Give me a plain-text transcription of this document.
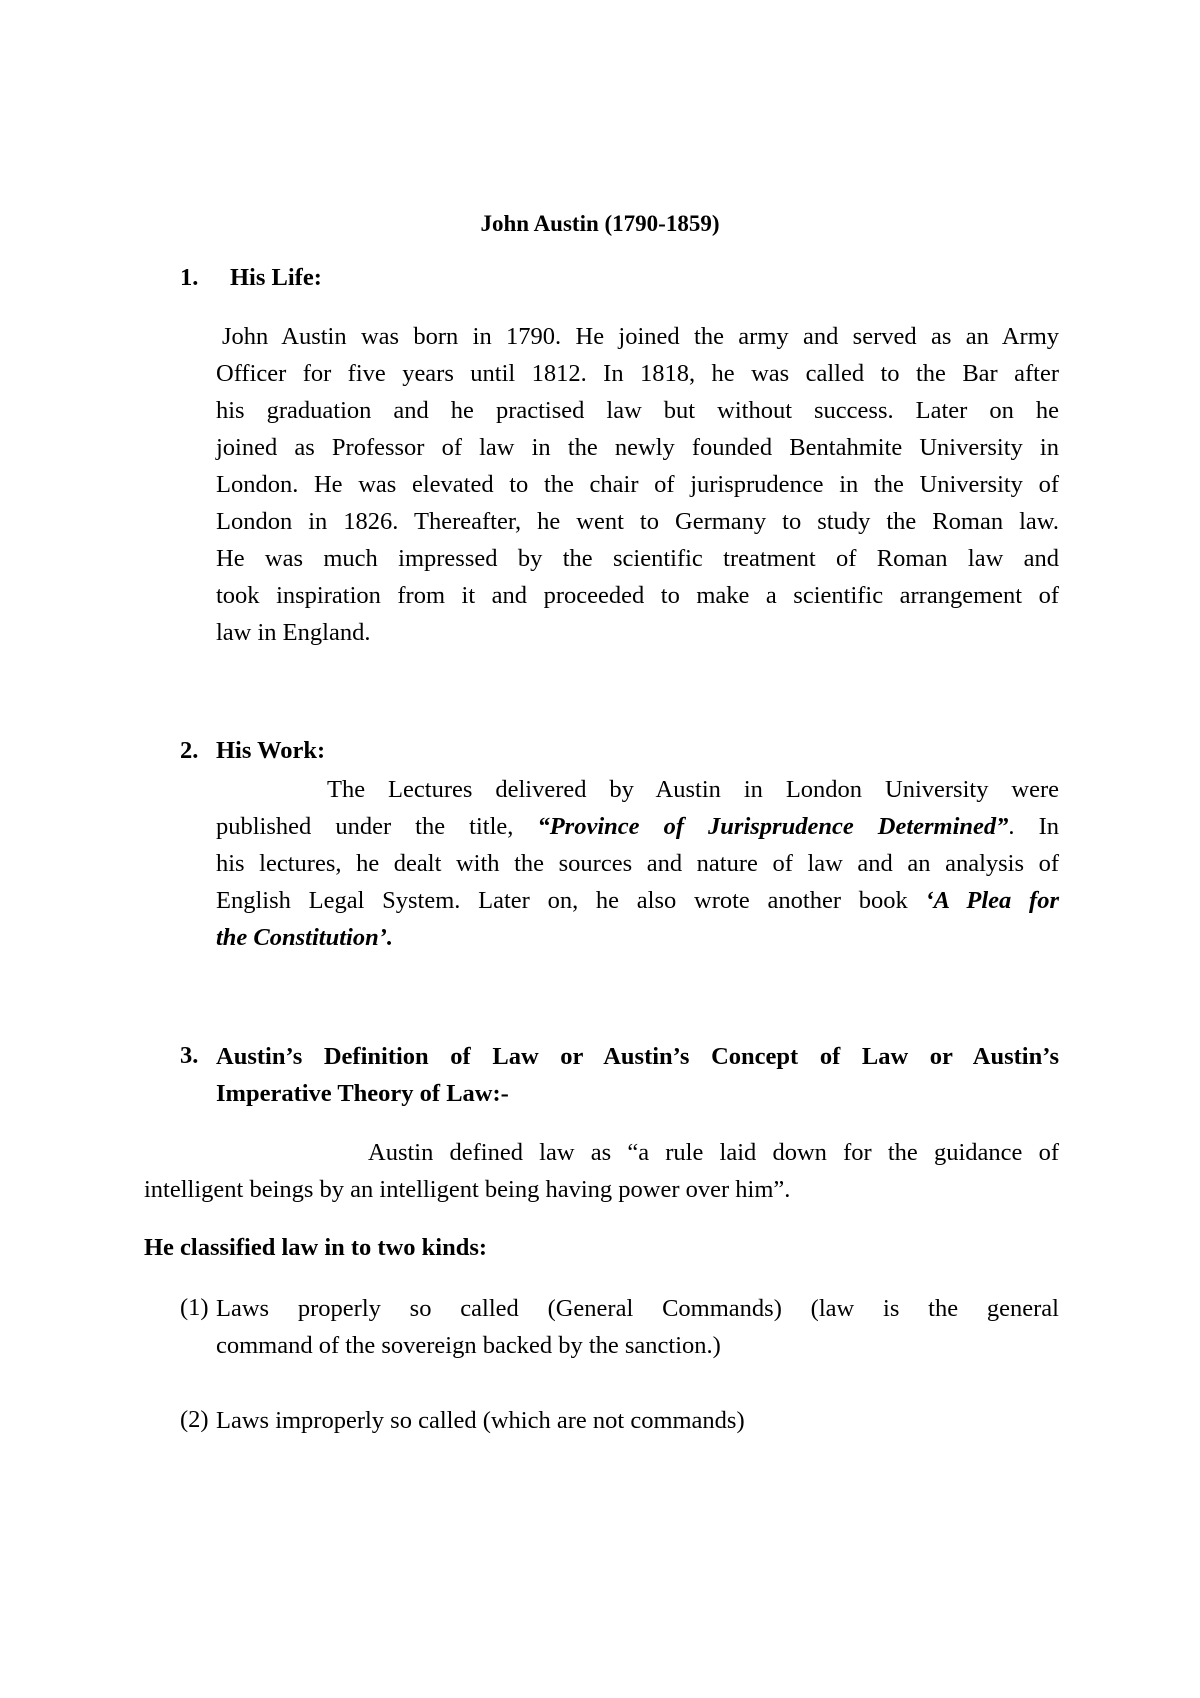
John Austin (1790-1859)
1. His Life:
John Austin was born in 1790. He joined the army and served as an Army
Officer for five years until 1812. In 1818, he was called to the Bar after
his graduation and he practised law but without success. Later on he
joined as Professor of law in the newly founded Bentahmite University in
London. He was elevated to the chair of jurisprudence in the University of
London in 1826. Thereafter, he went to Germany to study the Roman law.
He was much impressed by the scientific treatment of Roman law and
took inspiration from it and proceeded to make a scientific arrangement of
law in England.
2. His Work:
The Lectures delivered by Austin in London University were
published under the title, “Province of Jurisprudence Determined”. In
his lectures, he dealt with the sources and nature of law and an analysis of
English Legal System. Later on, he also wrote another book ‘A Plea for
the Constitution’.
3. Austin’s Definition of Law or Austin’s Concept of Law or Austin’s
Imperative Theory of Law:-
Austin defined law as “a rule laid down for the guidance of
intelligent beings by an intelligent being having power over him”.
He classified law in to two kinds:
(1) Laws properly so called (General Commands) (law is the general
command of the sovereign backed by the sanction.)
(2) Laws improperly so called (which are not commands)
